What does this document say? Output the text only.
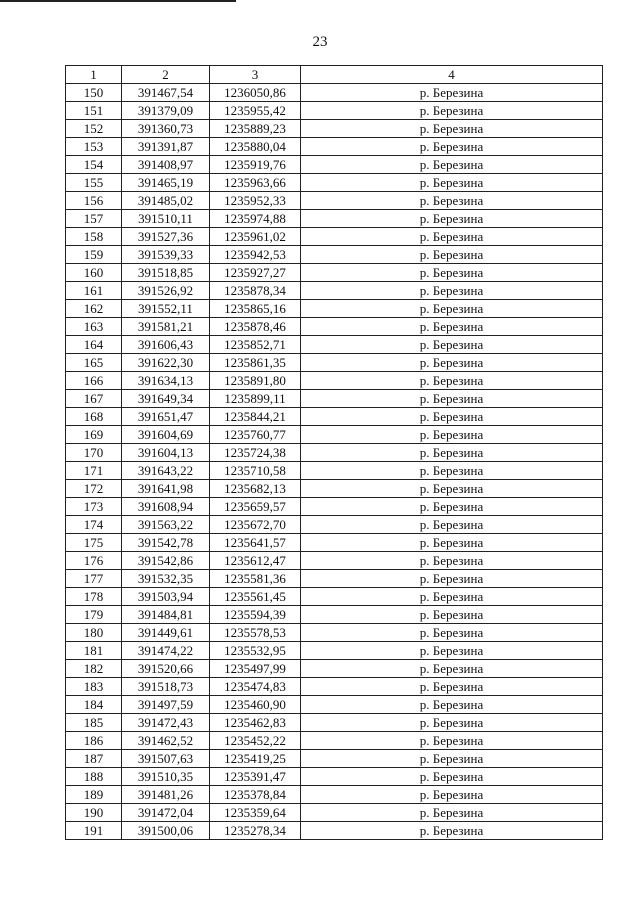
23
1	2	3	4
150	391467,54	1236050,86	р. Березина
151	391379,09	1235955,42	р. Березина
152	391360,73	1235889,23	р. Березина
153	391391,87	1235880,04	р. Березина
154	391408,97	1235919,76	р. Березина
155	391465,19	1235963,66	р. Березина
156	391485,02	1235952,33	р. Березина
157	391510,11	1235974,88	р. Березина
158	391527,36	1235961,02	р. Березина
159	391539,33	1235942,53	р. Березина
160	391518,85	1235927,27	р. Березина
161	391526,92	1235878,34	р. Березина
162	391552,11	1235865,16	р. Березина
163	391581,21	1235878,46	р. Березина
164	391606,43	1235852,71	р. Березина
165	391622,30	1235861,35	р. Березина
166	391634,13	1235891,80	р. Березина
167	391649,34	1235899,11	р. Березина
168	391651,47	1235844,21	р. Березина
169	391604,69	1235760,77	р. Березина
170	391604,13	1235724,38	р. Березина
171	391643,22	1235710,58	р. Березина
172	391641,98	1235682,13	р. Березина
173	391608,94	1235659,57	р. Березина
174	391563,22	1235672,70	р. Березина
175	391542,78	1235641,57	р. Березина
176	391542,86	1235612,47	р. Березина
177	391532,35	1235581,36	р. Березина
178	391503,94	1235561,45	р. Березина
179	391484,81	1235594,39	р. Березина
180	391449,61	1235578,53	р. Березина
181	391474,22	1235532,95	р. Березина
182	391520,66	1235497,99	р. Березина
183	391518,73	1235474,83	р. Березина
184	391497,59	1235460,90	р. Березина
185	391472,43	1235462,83	р. Березина
186	391462,52	1235452,22	р. Березина
187	391507,63	1235419,25	р. Березина
188	391510,35	1235391,47	р. Березина
189	391481,26	1235378,84	р. Березина
190	391472,04	1235359,64	р. Березина
191	391500,06	1235278,34	р. Березина
